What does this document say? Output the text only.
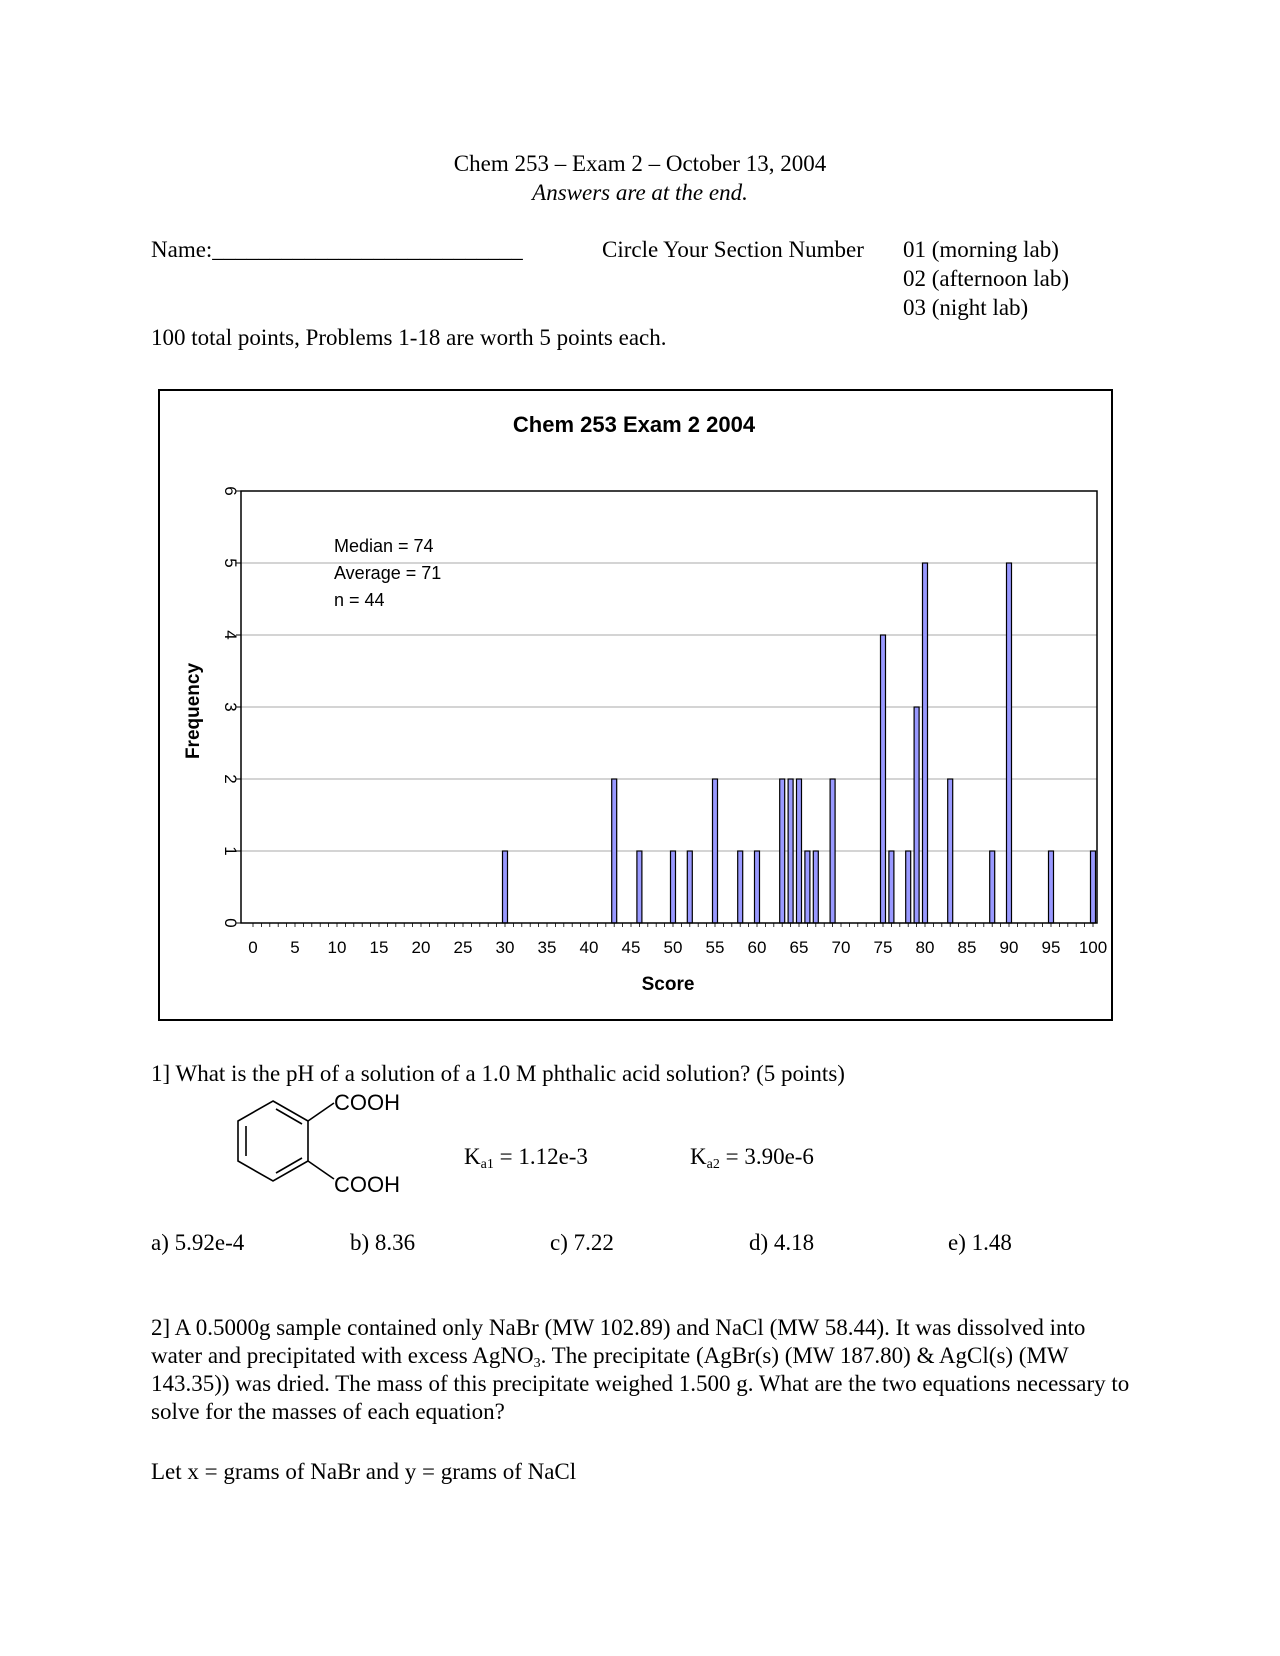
Chem 253 – Exam 2 – October 13, 2004
Answers are at the end.
Name:___________________________	Circle Your Section Number 01 (morning lab)
02 (afternoon lab)
03 (night lab)
100 total points, Problems 1-18 are worth 5 points each.
Chem 253 Exam 2 2004
0 5 10 15 20 25 30 35 40 45 50 55 60 65 70 75 80 85 90 95 100
0
1
2
3
4
5
6
Score
Frequency
Median = 74
Average = 71
n = 44
1] What is the pH of a solution of a 1.0 M phthalic acid solution? (5 points)
COOH
COOH
$K_{a1} = 1.12e-3$	$K_{a2} = 3.90e-6$
a) 5.92e-4	b) 8.36	c) 7.22	d) 4.18	e) 1.48
2] A 0.5000g sample contained only NaBr (MW 102.89) and NaCl (MW 58.44). It was dissolved into water and precipitated with excess AgNO$_3$. The precipitate (AgBr(s) (MW 187.80) & AgCl(s) (MW 143.35)) was dried. The mass of this precipitate weighed 1.500 g. What are the two equations necessary to solve for the masses of each equation?
Let x = grams of NaBr and y = grams of NaCl
